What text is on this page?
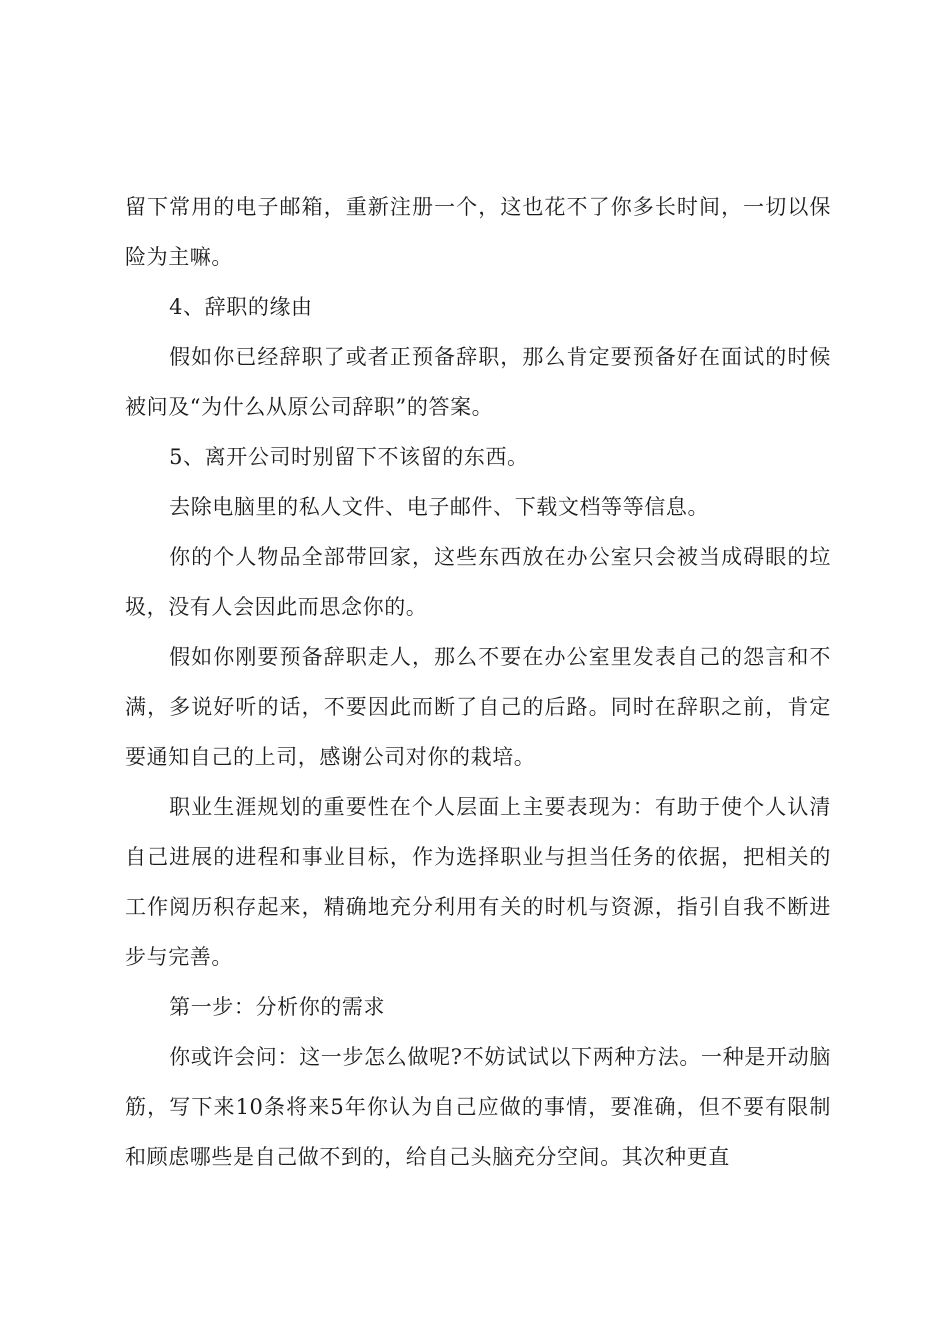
留下常用的电子邮箱，重新注册一个，这也花不了你多长时间，一切以保险为主嘛。

4、辞职的缘由

假如你已经辞职了或者正预备辞职，那么肯定要预备好在面试的时候被问及“为什么从原公司辞职”的答案。

5、离开公司时别留下不该留的东西。

去除电脑里的私人文件、电子邮件、下载文档等等信息。

你的个人物品全部带回家，这些东西放在办公室只会被当成碍眼的垃圾，没有人会因此而思念你的。

假如你刚要预备辞职走人，那么不要在办公室里发表自己的怨言和不满，多说好听的话，不要因此而断了自己的后路。同时在辞职之前，肯定要通知自己的上司，感谢公司对你的栽培。

职业生涯规划的重要性在个人层面上主要表现为：有助于使个人认清自己进展的进程和事业目标，作为选择职业与担当任务的依据，把相关的工作阅历积存起来，精确地充分利用有关的时机与资源，指引自我不断进步与完善。

第一步：分析你的需求

你或许会问：这一步怎么做呢?不妨试试以下两种方法。一种是开动脑筋，写下来10条将来5年你认为自己应做的事情，要准确，但不要有限制和顾虑哪些是自己做不到的，给自己头脑充分空间。其次种更直
